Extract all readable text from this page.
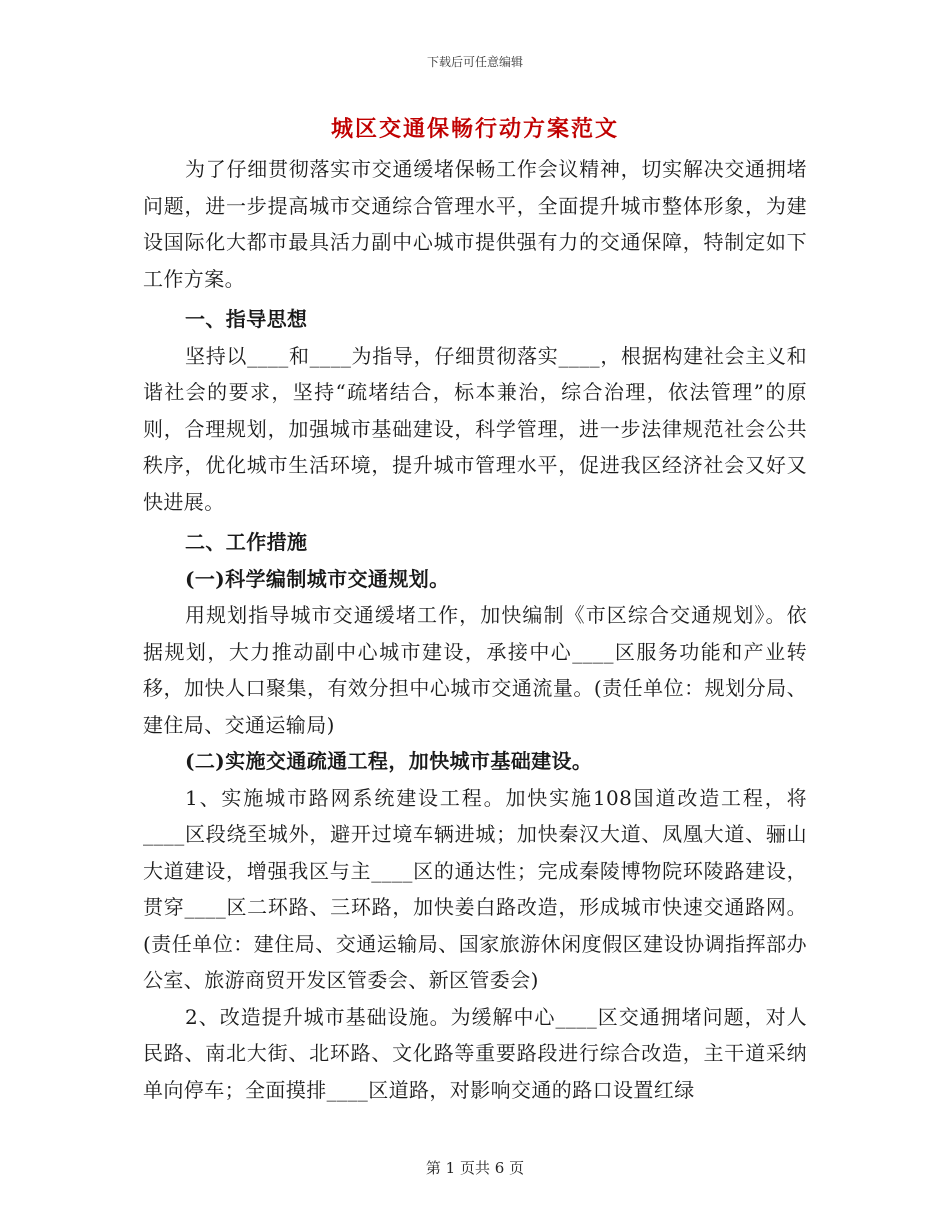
下载后可任意编辑
城区交通保畅行动方案范文

为了仔细贯彻落实市交通缓堵保畅工作会议精神，切实解决交通拥堵问题，进一步提高城市交通综合管理水平，全面提升城市整体形象，为建设国际化大都市最具活力副中心城市提供强有力的交通保障，特制定如下工作方案。

一、指导思想

坚持以____和____为指导，仔细贯彻落实____，根据构建社会主义和谐社会的要求，坚持“疏堵结合，标本兼治，综合治理，依法管理”的原则，合理规划，加强城市基础建设，科学管理，进一步法律规范社会公共秩序，优化城市生活环境，提升城市管理水平，促进我区经济社会又好又快进展。

二、工作措施

(一)科学编制城市交通规划。

用规划指导城市交通缓堵工作，加快编制《市区综合交通规划》。依据规划，大力推动副中心城市建设，承接中心____区服务功能和产业转移，加快人口聚集，有效分担中心城市交通流量。(责任单位：规划分局、建住局、交通运输局)

(二)实施交通疏通工程，加快城市基础建设。

1、实施城市路网系统建设工程。加快实施108国道改造工程，将____区段绕至城外，避开过境车辆进城；加快秦汉大道、凤凰大道、骊山大道建设，增强我区与主____区的通达性；完成秦陵博物院环陵路建设，贯穿____区二环路、三环路，加快姜白路改造，形成城市快速交通路网。(责任单位：建住局、交通运输局、国家旅游休闲度假区建设协调指挥部办公室、旅游商贸开发区管委会、新区管委会)

2、改造提升城市基础设施。为缓解中心____区交通拥堵问题，对人民路、南北大街、北环路、文化路等重要路段进行综合改造，主干道采纳单向停车；全面摸排____区道路，对影响交通的路口设置红绿

第 1 页共 6 页
